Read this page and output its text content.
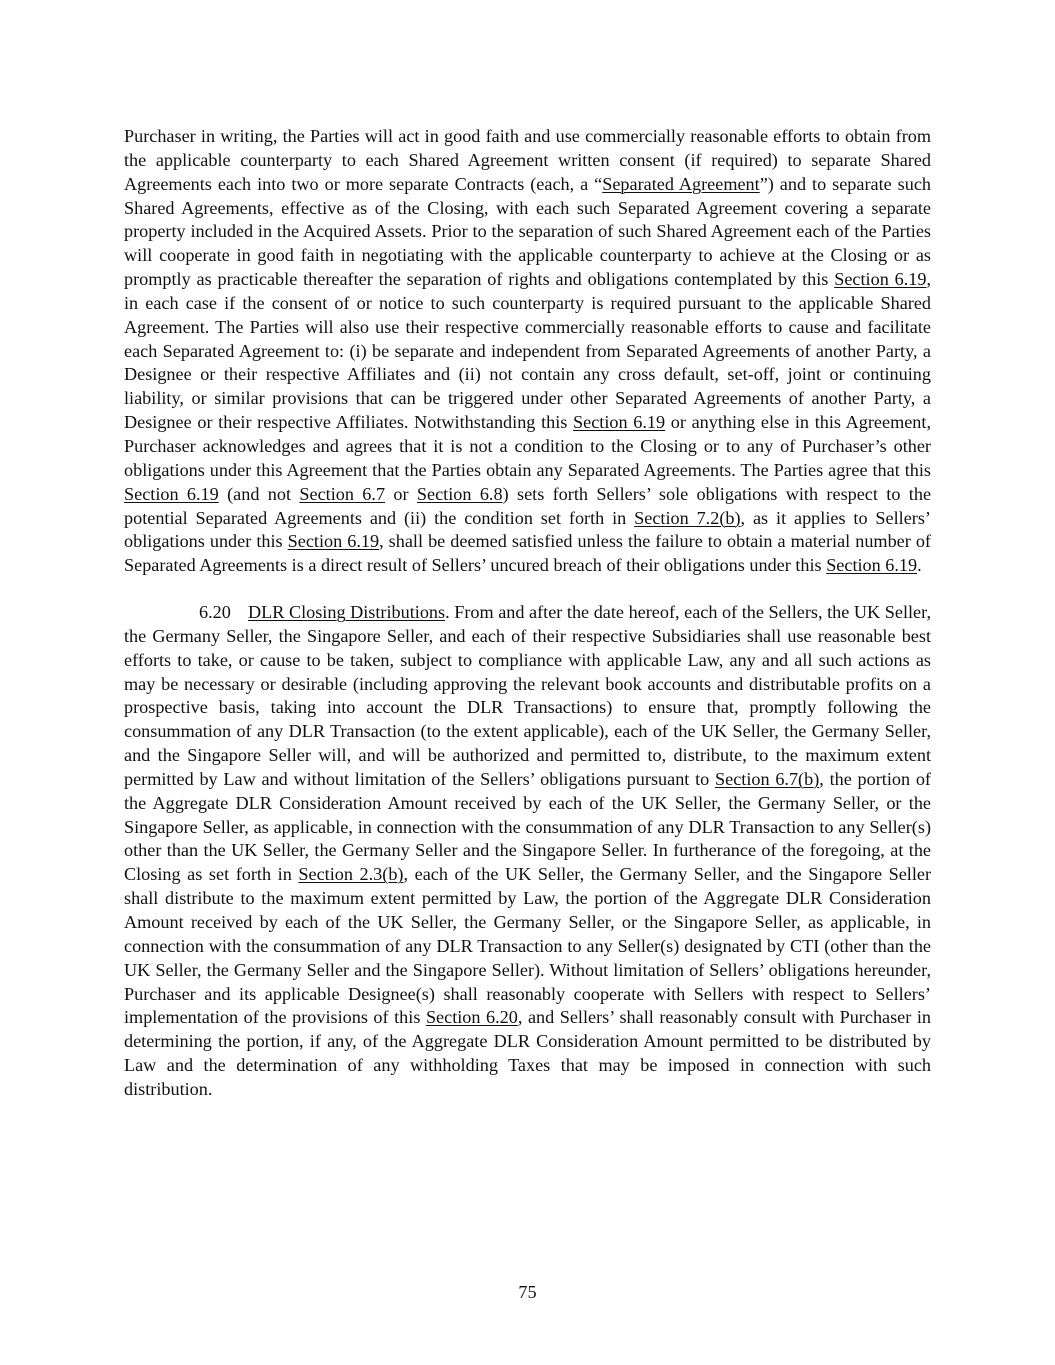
Purchaser in writing, the Parties will act in good faith and use commercially reasonable efforts to obtain from the applicable counterparty to each Shared Agreement written consent (if required) to separate Shared Agreements each into two or more separate Contracts (each, a “Separated Agreement”) and to separate such Shared Agreements, effective as of the Closing, with each such Separated Agreement covering a separate property included in the Acquired Assets. Prior to the separation of such Shared Agreement each of the Parties will cooperate in good faith in negotiating with the applicable counterparty to achieve at the Closing or as promptly as practicable thereafter the separation of rights and obligations contemplated by this Section 6.19, in each case if the consent of or notice to such counterparty is required pursuant to the applicable Shared Agreement. The Parties will also use their respective commercially reasonable efforts to cause and facilitate each Separated Agreement to: (i) be separate and independent from Separated Agreements of another Party, a Designee or their respective Affiliates and (ii) not contain any cross default, set-off, joint or continuing liability, or similar provisions that can be triggered under other Separated Agreements of another Party, a Designee or their respective Affiliates. Notwithstanding this Section 6.19 or anything else in this Agreement, Purchaser acknowledges and agrees that it is not a condition to the Closing or to any of Purchaser’s other obligations under this Agreement that the Parties obtain any Separated Agreements. The Parties agree that this Section 6.19 (and not Section 6.7 or Section 6.8) sets forth Sellers’ sole obligations with respect to the potential Separated Agreements and (ii) the condition set forth in Section 7.2(b), as it applies to Sellers’ obligations under this Section 6.19, shall be deemed satisfied unless the failure to obtain a material number of Separated Agreements is a direct result of Sellers’ uncured breach of their obligations under this Section 6.19.

6.20 DLR Closing Distributions. From and after the date hereof, each of the Sellers, the UK Seller, the Germany Seller, the Singapore Seller, and each of their respective Subsidiaries shall use reasonable best efforts to take, or cause to be taken, subject to compliance with applicable Law, any and all such actions as may be necessary or desirable (including approving the relevant book accounts and distributable profits on a prospective basis, taking into account the DLR Transactions) to ensure that, promptly following the consummation of any DLR Transaction (to the extent applicable), each of the UK Seller, the Germany Seller, and the Singapore Seller will, and will be authorized and permitted to, distribute, to the maximum extent permitted by Law and without limitation of the Sellers’ obligations pursuant to Section 6.7(b), the portion of the Aggregate DLR Consideration Amount received by each of the UK Seller, the Germany Seller, or the Singapore Seller, as applicable, in connection with the consummation of any DLR Transaction to any Seller(s) other than the UK Seller, the Germany Seller and the Singapore Seller. In furtherance of the foregoing, at the Closing as set forth in Section 2.3(b), each of the UK Seller, the Germany Seller, and the Singapore Seller shall distribute to the maximum extent permitted by Law, the portion of the Aggregate DLR Consideration Amount received by each of the UK Seller, the Germany Seller, or the Singapore Seller, as applicable, in connection with the consummation of any DLR Transaction to any Seller(s) designated by CTI (other than the UK Seller, the Germany Seller and the Singapore Seller). Without limitation of Sellers’ obligations hereunder, Purchaser and its applicable Designee(s) shall reasonably cooperate with Sellers with respect to Sellers’ implementation of the provisions of this Section 6.20, and Sellers’ shall reasonably consult with Purchaser in determining the portion, if any, of the Aggregate DLR Consideration Amount permitted to be distributed by Law and the determination of any withholding Taxes that may be imposed in connection with such distribution.

75
